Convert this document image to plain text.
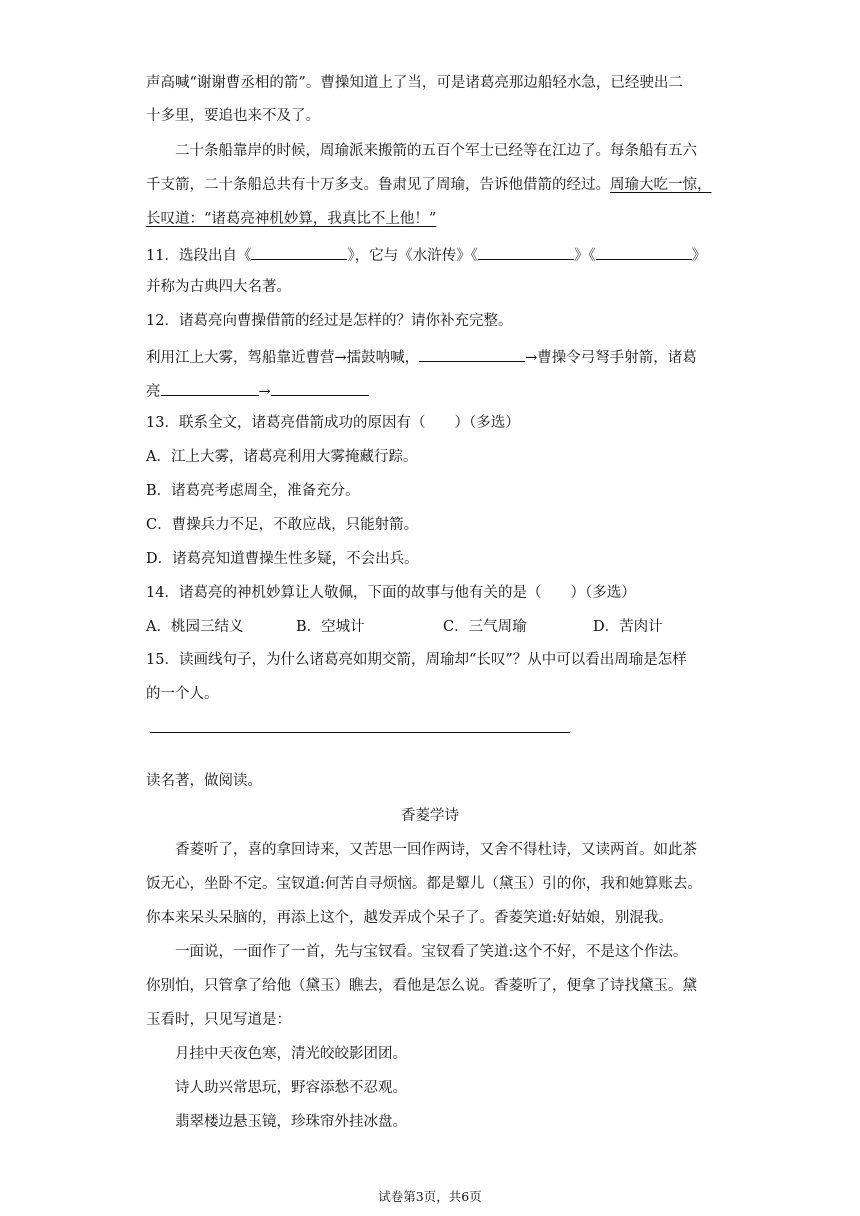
声高喊“谢谢曹丞相的箭”。曹操知道上了当，可是诸葛亮那边船轻水急，已经驶出二
十多里，要追也来不及了。
二十条船靠岸的时候，周瑜派来搬箭的五百个军士已经等在江边了。每条船有五六
千支箭，二十条船总共有十万多支。鲁肃见了周瑜，告诉他借箭的经过。周瑜大吃一惊，
长叹道：“诸葛亮神机妙算，我真比不上他！”
11．选段出自《	》，它与《水浒传》《	》《	》
并称为古典四大名著。
12．诸葛亮向曹操借箭的经过是怎样的？请你补充完整。
利用江上大雾，驾船靠近曹营→擂鼓呐喊，	→曹操令弓弩手射箭，诸葛
亮	→
13．联系全文，诸葛亮借箭成功的原因有（　　）（多选）
A．江上大雾，诸葛亮利用大雾掩藏行踪。
B．诸葛亮考虑周全，准备充分。
C．曹操兵力不足，不敢应战，只能射箭。
D．诸葛亮知道曹操生性多疑，不会出兵。
14．诸葛亮的神机妙算让人敬佩，下面的故事与他有关的是（　　）（多选）
A．桃园三结义	B．空城计	C．三气周瑜	D．苦肉计
15．读画线句子，为什么诸葛亮如期交箭，周瑜却“长叹”？从中可以看出周瑜是怎样
的一个人。
读名著，做阅读。
香菱学诗
香菱听了，喜的拿回诗来，又苦思一回作两诗，又舍不得杜诗，又读两首。如此茶
饭无心，坐卧不定。宝钗道:何苦自寻烦恼。都是颦儿（黛玉）引的你，我和她算账去。
你本来呆头呆脑的，再添上这个，越发弄成个呆子了。香菱笑道:好姑娘，别混我。
一面说，一面作了一首，先与宝钗看。宝钗看了笑道:这个不好，不是这个作法。
你别怕，只管拿了给他（黛玉）瞧去，看他是怎么说。香菱听了，便拿了诗找黛玉。黛
玉看时，只见写道是：
月挂中天夜色寒，清光皎皎影团团。
诗人助兴常思玩，野容添愁不忍观。
翡翠楼边悬玉镜，珍珠帘外挂冰盘。
试卷第3页，共6页
